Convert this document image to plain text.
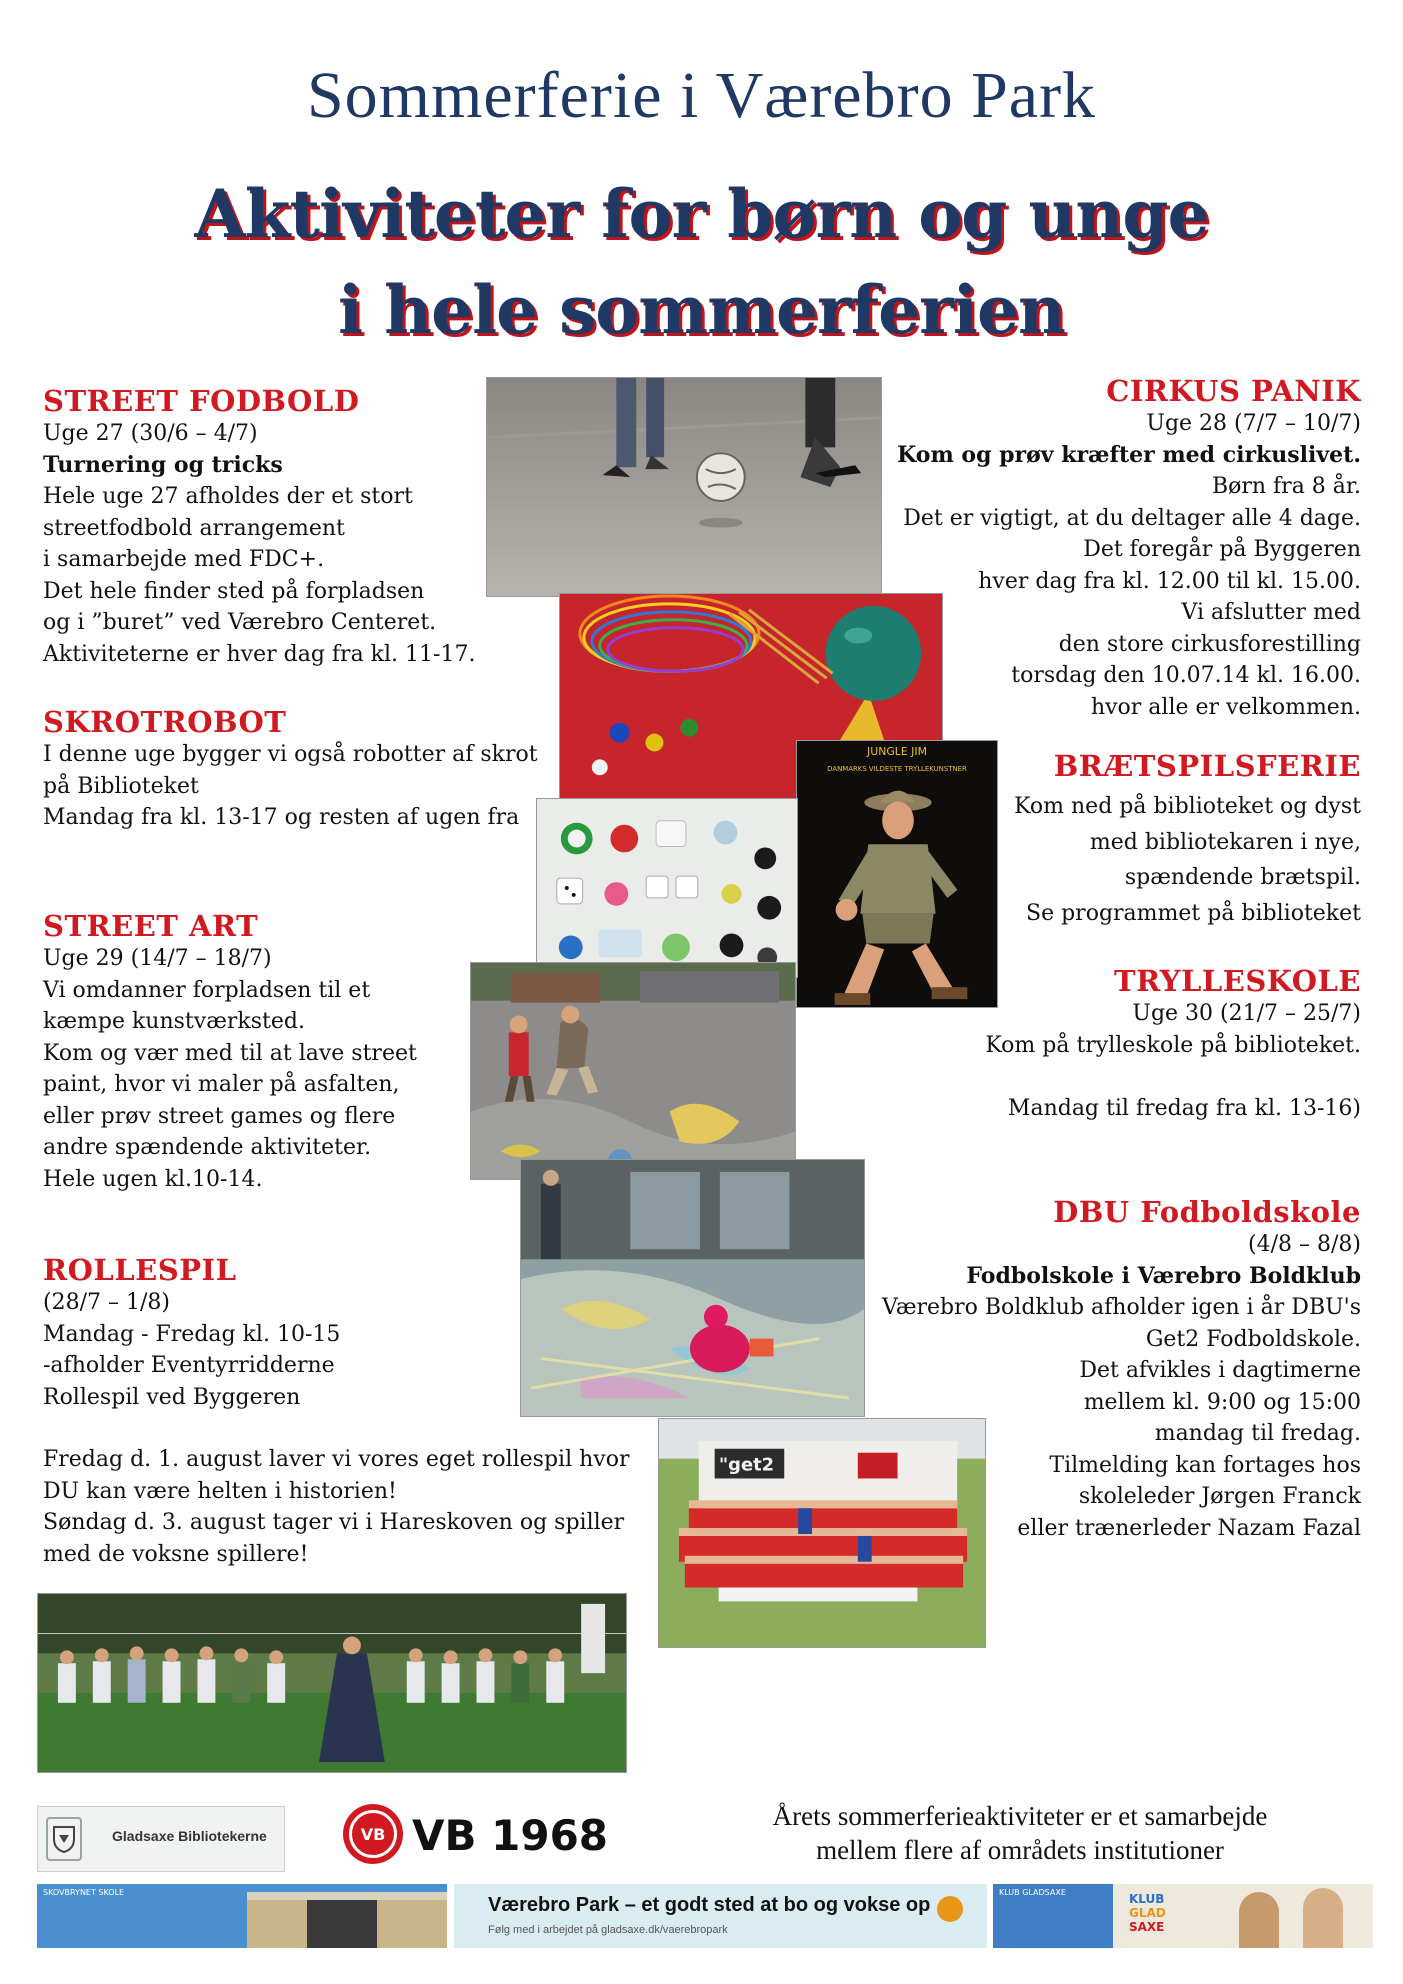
Sommerferie i Værebro Park
Aktiviteter for børn og unge
i hele sommerferien
STREET FODBOLD
Uge 27 (30/6 – 4/7)
Turnering og tricks
Hele uge 27 afholdes der et stort
streetfodbold arrangement
i samarbejde med FDC+.
Det hele finder sted på forpladsen
og i ”buret” ved Værebro Centeret.
Aktiviteterne er hver dag fra kl. 11-17.
SKROTROBOT
I denne uge bygger vi også robotter af skrot
på Biblioteket
Mandag fra kl. 13-17 og resten af ugen fra
STREET ART
Uge 29 (14/7 – 18/7)
Vi omdanner forpladsen til et
kæmpe kunstværksted.
Kom og vær med til at lave street
paint, hvor vi maler på asfalten,
eller prøv street games og flere
andre spændende aktiviteter.
Hele ugen kl.10-14.
ROLLESPIL
(28/7 – 1/8)
Mandag - Fredag kl. 10-15
-afholder Eventyrridderne
Rollespil ved Byggeren
Fredag d. 1. august laver vi vores eget rollespil hvor
DU kan være helten i historien!
Søndag d. 3. august tager vi i Hareskoven og spiller
med de voksne spillere!
CIRKUS PANIK
Uge 28 (7/7 – 10/7)
Kom og prøv kræfter med cirkuslivet.
Børn fra 8 år.
Det er vigtigt, at du deltager alle 4 dage.
Det foregår på Byggeren
hver dag fra kl. 12.00 til kl. 15.00.
Vi afslutter med
den store cirkusforestilling
torsdag den 10.07.14 kl. 16.00.
hvor alle er velkommen.
BRÆTSPILSFERIE
Kom ned på biblioteket og dyst
med bibliotekaren i nye,
spændende brætspil.
Se programmet på biblioteket
TRYLLESKOLE
Uge 30 (21/7 – 25/7)
Kom på trylleskole på biblioteket.
Mandag til fredag fra kl. 13-16)
DBU Fodboldskole
(4/8 – 8/8)
Fodbolskole i Værebro Boldklub
Værebro Boldklub afholder igen i år DBU's
Get2 Fodboldskole.
Det afvikles i dagtimerne
mellem kl. 9:00 og 15:00
mandag til fredag.
Tilmelding kan fortages hos
skoleleder Jørgen Franck
eller trænerleder Nazam Fazal
JUNGLE JIM
DANMARKS VILDESTE TRYLLEKUNSTNER
"get2
Gladsaxe Bibliotekerne	VB VB 1968	Årets sommerferieaktiviteter er et samarbejde
mellem flere af områdets institutioner
SKOVBRYNET SKOLE
Værebro Park – et godt sted at bo og vokse op
Følg med i arbejdet på gladsaxe.dk/vaerebropark
KLUB GLADSAXE	KLUB
GLAD
SAXE
